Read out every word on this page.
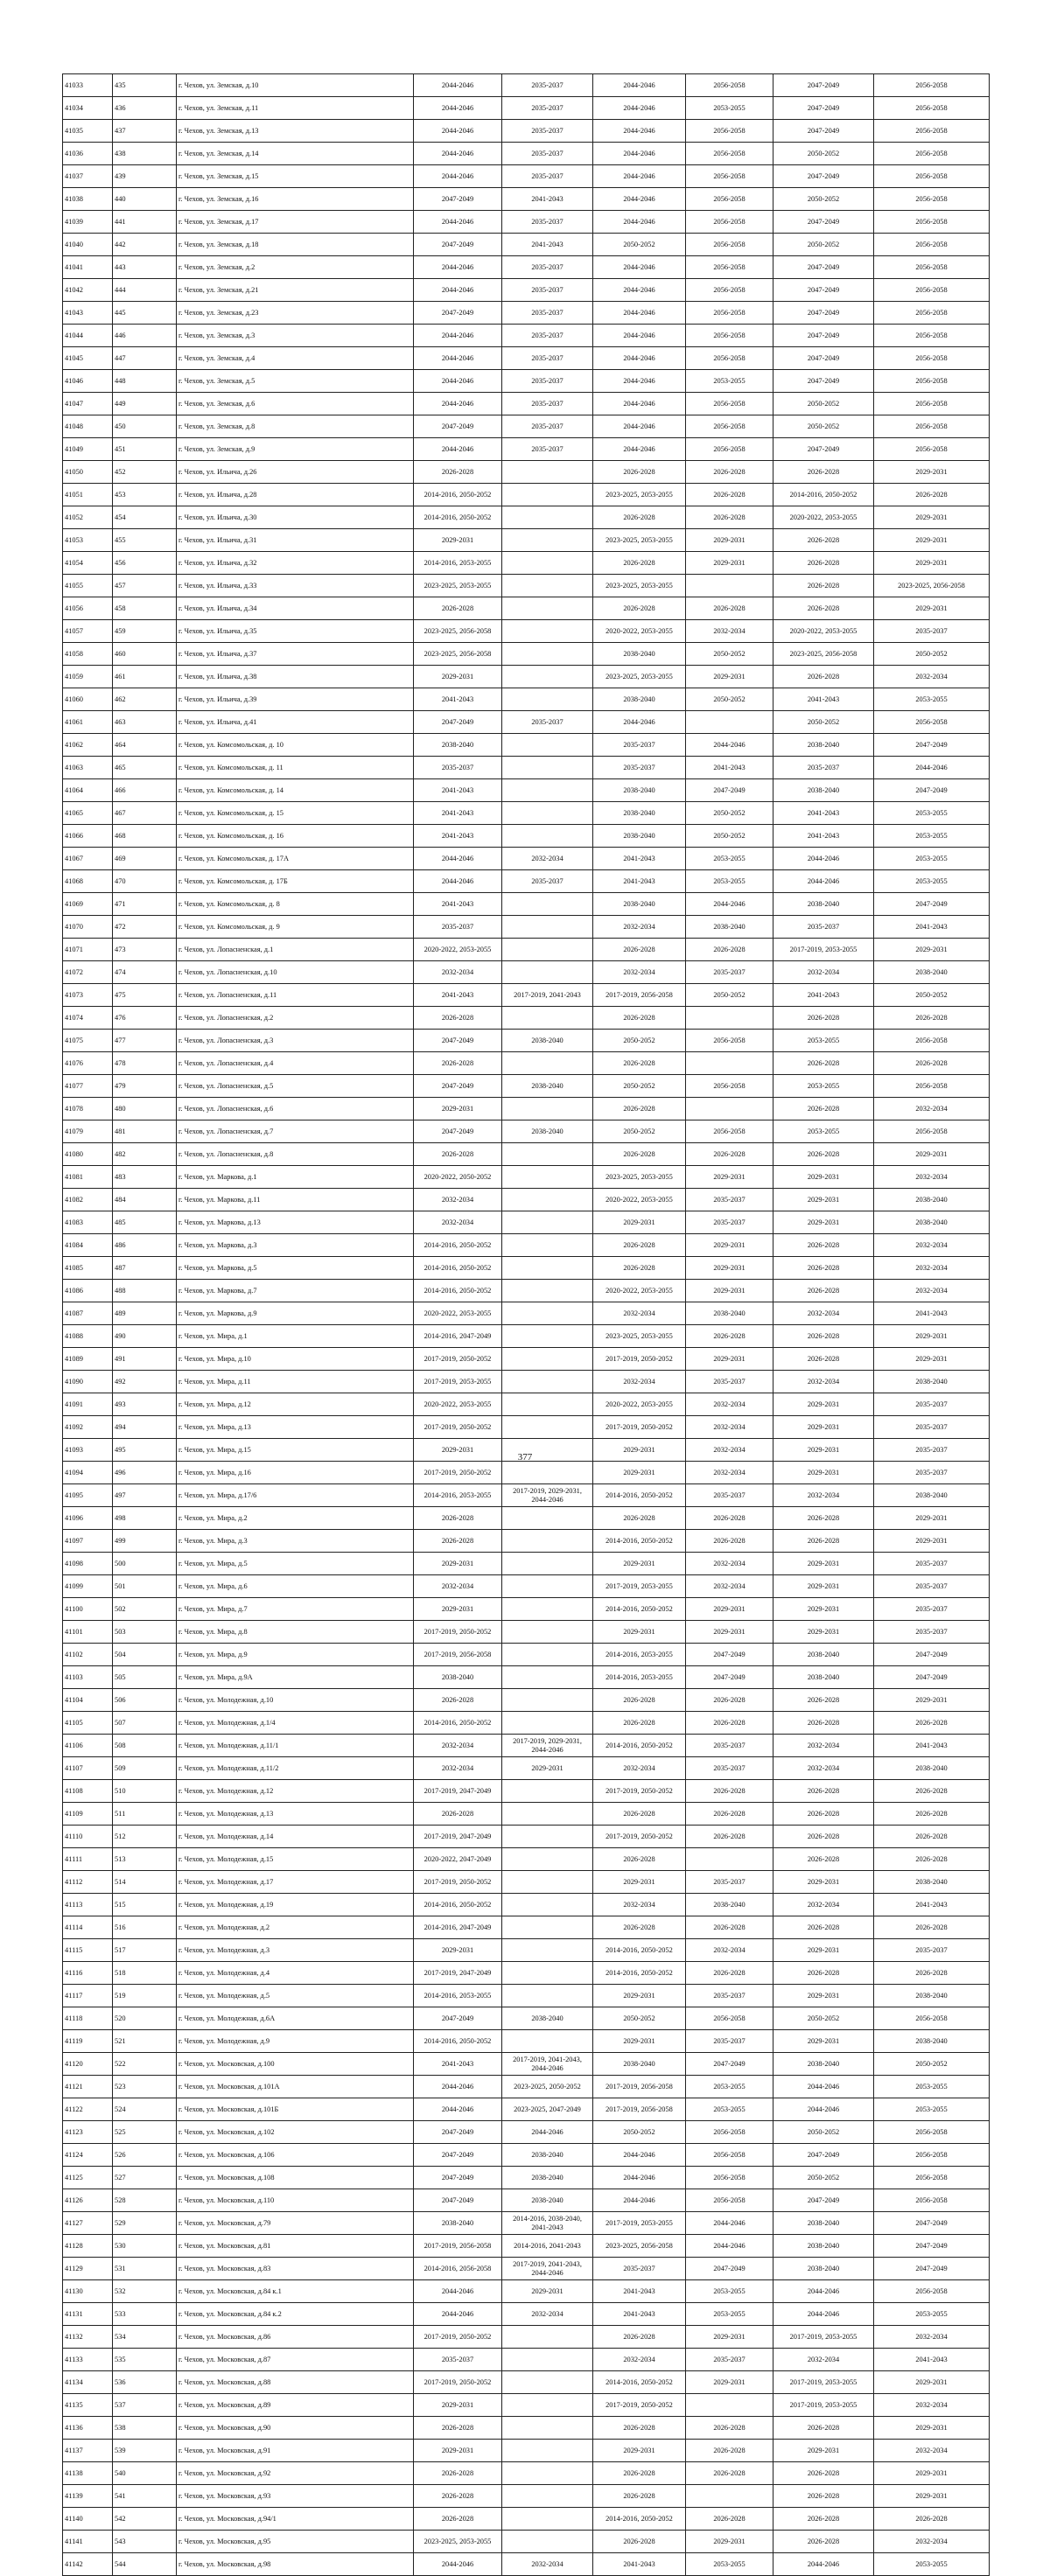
41033	435	г. Чехов, ул. Земская, д.10	2044-2046	2035-2037	2044-2046	2056-2058	2047-2049	2056-2058
41034	436	г. Чехов, ул. Земская, д.11	2044-2046	2035-2037	2044-2046	2053-2055	2047-2049	2056-2058
41035	437	г. Чехов, ул. Земская, д.13	2044-2046	2035-2037	2044-2046	2056-2058	2047-2049	2056-2058
41036	438	г. Чехов, ул. Земская, д.14	2044-2046	2035-2037	2044-2046	2056-2058	2050-2052	2056-2058
41037	439	г. Чехов, ул. Земская, д.15	2044-2046	2035-2037	2044-2046	2056-2058	2047-2049	2056-2058
41038	440	г. Чехов, ул. Земская, д.16	2047-2049	2041-2043	2044-2046	2056-2058	2050-2052	2056-2058
41039	441	г. Чехов, ул. Земская, д.17	2044-2046	2035-2037	2044-2046	2056-2058	2047-2049	2056-2058
41040	442	г. Чехов, ул. Земская, д.18	2047-2049	2041-2043	2050-2052	2056-2058	2050-2052	2056-2058
41041	443	г. Чехов, ул. Земская, д.2	2044-2046	2035-2037	2044-2046	2056-2058	2047-2049	2056-2058
41042	444	г. Чехов, ул. Земская, д.21	2044-2046	2035-2037	2044-2046	2056-2058	2047-2049	2056-2058
41043	445	г. Чехов, ул. Земская, д.23	2047-2049	2035-2037	2044-2046	2056-2058	2047-2049	2056-2058
41044	446	г. Чехов, ул. Земская, д.3	2044-2046	2035-2037	2044-2046	2056-2058	2047-2049	2056-2058
41045	447	г. Чехов, ул. Земская, д.4	2044-2046	2035-2037	2044-2046	2056-2058	2047-2049	2056-2058
41046	448	г. Чехов, ул. Земская, д.5	2044-2046	2035-2037	2044-2046	2053-2055	2047-2049	2056-2058
41047	449	г. Чехов, ул. Земская, д.6	2044-2046	2035-2037	2044-2046	2056-2058	2050-2052	2056-2058
41048	450	г. Чехов, ул. Земская, д.8	2047-2049	2035-2037	2044-2046	2056-2058	2050-2052	2056-2058
41049	451	г. Чехов, ул. Земская, д.9	2044-2046	2035-2037	2044-2046	2056-2058	2047-2049	2056-2058
41050	452	г. Чехов, ул. Ильича, д.26	2026-2028		2026-2028	2026-2028	2026-2028	2029-2031
41051	453	г. Чехов, ул. Ильича, д.28	2014-2016, 2050-2052		2023-2025, 2053-2055	2026-2028	2014-2016, 2050-2052	2026-2028
41052	454	г. Чехов, ул. Ильича, д.30	2014-2016, 2050-2052		2026-2028	2026-2028	2020-2022, 2053-2055	2029-2031
41053	455	г. Чехов, ул. Ильича, д.31	2029-2031		2023-2025, 2053-2055	2029-2031	2026-2028	2029-2031
41054	456	г. Чехов, ул. Ильича, д.32	2014-2016, 2053-2055		2026-2028	2029-2031	2026-2028	2029-2031
41055	457	г. Чехов, ул. Ильича, д.33	2023-2025, 2053-2055		2023-2025, 2053-2055		2026-2028	2023-2025, 2056-2058
41056	458	г. Чехов, ул. Ильича, д.34	2026-2028		2026-2028	2026-2028	2026-2028	2029-2031
41057	459	г. Чехов, ул. Ильича, д.35	2023-2025, 2056-2058		2020-2022, 2053-2055	2032-2034	2020-2022, 2053-2055	2035-2037
41058	460	г. Чехов, ул. Ильича, д.37	2023-2025, 2056-2058		2038-2040	2050-2052	2023-2025, 2056-2058	2050-2052
41059	461	г. Чехов, ул. Ильича, д.38	2029-2031		2023-2025, 2053-2055	2029-2031	2026-2028	2032-2034
41060	462	г. Чехов, ул. Ильича, д.39	2041-2043		2038-2040	2050-2052	2041-2043	2053-2055
41061	463	г. Чехов, ул. Ильича, д.41	2047-2049	2035-2037	2044-2046		2050-2052	2056-2058
41062	464	г. Чехов, ул. Комсомольская, д. 10	2038-2040		2035-2037	2044-2046	2038-2040	2047-2049
41063	465	г. Чехов, ул. Комсомольская, д. 11	2035-2037		2035-2037	2041-2043	2035-2037	2044-2046
41064	466	г. Чехов, ул. Комсомольская, д. 14	2041-2043		2038-2040	2047-2049	2038-2040	2047-2049
41065	467	г. Чехов, ул. Комсомольская, д. 15	2041-2043		2038-2040	2050-2052	2041-2043	2053-2055
41066	468	г. Чехов, ул. Комсомольская, д. 16	2041-2043		2038-2040	2050-2052	2041-2043	2053-2055
41067	469	г. Чехов, ул. Комсомольская, д. 17А	2044-2046	2032-2034	2041-2043	2053-2055	2044-2046	2053-2055
41068	470	г. Чехов, ул. Комсомольская, д. 17Б	2044-2046	2035-2037	2041-2043	2053-2055	2044-2046	2053-2055
41069	471	г. Чехов, ул. Комсомольская, д. 8	2041-2043		2038-2040	2044-2046	2038-2040	2047-2049
41070	472	г. Чехов, ул. Комсомольская, д. 9	2035-2037		2032-2034	2038-2040	2035-2037	2041-2043
41071	473	г. Чехов, ул. Лопасненская, д.1	2020-2022, 2053-2055		2026-2028	2026-2028	2017-2019, 2053-2055	2029-2031
41072	474	г. Чехов, ул. Лопасненская, д.10	2032-2034		2032-2034	2035-2037	2032-2034	2038-2040
41073	475	г. Чехов, ул. Лопасненская, д.11	2041-2043	2017-2019, 2041-2043	2017-2019, 2056-2058	2050-2052	2041-2043	2050-2052
41074	476	г. Чехов, ул. Лопасненская, д.2	2026-2028		2026-2028		2026-2028	2026-2028
41075	477	г. Чехов, ул. Лопасненская, д.3	2047-2049	2038-2040	2050-2052	2056-2058	2053-2055	2056-2058
41076	478	г. Чехов, ул. Лопасненская, д.4	2026-2028		2026-2028		2026-2028	2026-2028
41077	479	г. Чехов, ул. Лопасненская, д.5	2047-2049	2038-2040	2050-2052	2056-2058	2053-2055	2056-2058
41078	480	г. Чехов, ул. Лопасненская, д.6	2029-2031		2026-2028		2026-2028	2032-2034
41079	481	г. Чехов, ул. Лопасненская, д.7	2047-2049	2038-2040	2050-2052	2056-2058	2053-2055	2056-2058
41080	482	г. Чехов, ул. Лопасненская, д.8	2026-2028		2026-2028	2026-2028	2026-2028	2029-2031
41081	483	г. Чехов, ул. Маркова, д.1	2020-2022, 2050-2052		2023-2025, 2053-2055	2029-2031	2029-2031	2032-2034
41082	484	г. Чехов, ул. Маркова, д.11	2032-2034		2020-2022, 2053-2055	2035-2037	2029-2031	2038-2040
41083	485	г. Чехов, ул. Маркова, д.13	2032-2034		2029-2031	2035-2037	2029-2031	2038-2040
41084	486	г. Чехов, ул. Маркова, д.3	2014-2016, 2050-2052		2026-2028	2029-2031	2026-2028	2032-2034
41085	487	г. Чехов, ул. Маркова, д.5	2014-2016, 2050-2052		2026-2028	2029-2031	2026-2028	2032-2034
41086	488	г. Чехов, ул. Маркова, д.7	2014-2016, 2050-2052		2020-2022, 2053-2055	2029-2031	2026-2028	2032-2034
41087	489	г. Чехов, ул. Маркова, д.9	2020-2022, 2053-2055		2032-2034	2038-2040	2032-2034	2041-2043
41088	490	г. Чехов, ул. Мира, д.1	2014-2016, 2047-2049		2023-2025, 2053-2055	2026-2028	2026-2028	2029-2031
41089	491	г. Чехов, ул. Мира, д.10	2017-2019, 2050-2052		2017-2019, 2050-2052	2029-2031	2026-2028	2029-2031
41090	492	г. Чехов, ул. Мира, д.11	2017-2019, 2053-2055		2032-2034	2035-2037	2032-2034	2038-2040
41091	493	г. Чехов, ул. Мира, д.12	2020-2022, 2053-2055		2020-2022, 2053-2055	2032-2034	2029-2031	2035-2037
41092	494	г. Чехов, ул. Мира, д.13	2017-2019, 2050-2052		2017-2019, 2050-2052	2032-2034	2029-2031	2035-2037
41093	495	г. Чехов, ул. Мира, д.15	2029-2031		2029-2031	2032-2034	2029-2031	2035-2037
41094	496	г. Чехов, ул. Мира, д.16	2017-2019, 2050-2052		2029-2031	2032-2034	2029-2031	2035-2037
41095	497	г. Чехов, ул. Мира, д.17/6	2014-2016, 2053-2055	2017-2019, 2029-2031, 2044-2046	2014-2016, 2050-2052	2035-2037	2032-2034	2038-2040
41096	498	г. Чехов, ул. Мира, д.2	2026-2028		2026-2028	2026-2028	2026-2028	2029-2031
41097	499	г. Чехов, ул. Мира, д.3	2026-2028		2014-2016, 2050-2052	2026-2028	2026-2028	2029-2031
41098	500	г. Чехов, ул. Мира, д.5	2029-2031		2029-2031	2032-2034	2029-2031	2035-2037
41099	501	г. Чехов, ул. Мира, д.6	2032-2034		2017-2019, 2053-2055	2032-2034	2029-2031	2035-2037
41100	502	г. Чехов, ул. Мира, д.7	2029-2031		2014-2016, 2050-2052	2029-2031	2029-2031	2035-2037
41101	503	г. Чехов, ул. Мира, д.8	2017-2019, 2050-2052		2029-2031	2029-2031	2029-2031	2035-2037
41102	504	г. Чехов, ул. Мира, д.9	2017-2019, 2056-2058		2014-2016, 2053-2055	2047-2049	2038-2040	2047-2049
41103	505	г. Чехов, ул. Мира, д.9А	2038-2040		2014-2016, 2053-2055	2047-2049	2038-2040	2047-2049
41104	506	г. Чехов, ул. Молодежная, д.10	2026-2028		2026-2028	2026-2028	2026-2028	2029-2031
41105	507	г. Чехов, ул. Молодежная, д.1/4	2014-2016, 2050-2052		2026-2028	2026-2028	2026-2028	2026-2028
41106	508	г. Чехов, ул. Молодежная, д.11/1	2032-2034	2017-2019, 2029-2031, 2044-2046	2014-2016, 2050-2052	2035-2037	2032-2034	2041-2043
41107	509	г. Чехов, ул. Молодежная, д.11/2	2032-2034	2029-2031	2032-2034	2035-2037	2032-2034	2038-2040
41108	510	г. Чехов, ул. Молодежная, д.12	2017-2019, 2047-2049		2017-2019, 2050-2052	2026-2028	2026-2028	2026-2028
41109	511	г. Чехов, ул. Молодежная, д.13	2026-2028		2026-2028	2026-2028	2026-2028	2026-2028
41110	512	г. Чехов, ул. Молодежная, д.14	2017-2019, 2047-2049		2017-2019, 2050-2052	2026-2028	2026-2028	2026-2028
41111	513	г. Чехов, ул. Молодежная, д.15	2020-2022, 2047-2049		2026-2028		2026-2028	2026-2028
41112	514	г. Чехов, ул. Молодежная, д.17	2017-2019, 2050-2052		2029-2031	2035-2037	2029-2031	2038-2040
41113	515	г. Чехов, ул. Молодежная, д.19	2014-2016, 2050-2052		2032-2034	2038-2040	2032-2034	2041-2043
41114	516	г. Чехов, ул. Молодежная, д.2	2014-2016, 2047-2049		2026-2028	2026-2028	2026-2028	2026-2028
41115	517	г. Чехов, ул. Молодежная, д.3	2029-2031		2014-2016, 2050-2052	2032-2034	2029-2031	2035-2037
41116	518	г. Чехов, ул. Молодежная, д.4	2017-2019, 2047-2049		2014-2016, 2050-2052	2026-2028	2026-2028	2026-2028
41117	519	г. Чехов, ул. Молодежная, д.5	2014-2016, 2053-2055		2029-2031	2035-2037	2029-2031	2038-2040
41118	520	г. Чехов, ул. Молодежная, д.6А	2047-2049	2038-2040	2050-2052	2056-2058	2050-2052	2056-2058
41119	521	г. Чехов, ул. Молодежная, д.9	2014-2016, 2050-2052		2029-2031	2035-2037	2029-2031	2038-2040
41120	522	г. Чехов, ул. Московская, д.100	2041-2043	2017-2019, 2041-2043, 2044-2046	2038-2040	2047-2049	2038-2040	2050-2052
41121	523	г. Чехов, ул. Московская, д.101А	2044-2046	2023-2025, 2050-2052	2017-2019, 2056-2058	2053-2055	2044-2046	2053-2055
41122	524	г. Чехов, ул. Московская, д.101Б	2044-2046	2023-2025, 2047-2049	2017-2019, 2056-2058	2053-2055	2044-2046	2053-2055
41123	525	г. Чехов, ул. Московская, д.102	2047-2049	2044-2046	2050-2052	2056-2058	2050-2052	2056-2058
41124	526	г. Чехов, ул. Московская, д.106	2047-2049	2038-2040	2044-2046	2056-2058	2047-2049	2056-2058
41125	527	г. Чехов, ул. Московская, д.108	2047-2049	2038-2040	2044-2046	2056-2058	2050-2052	2056-2058
41126	528	г. Чехов, ул. Московская, д.110	2047-2049	2038-2040	2044-2046	2056-2058	2047-2049	2056-2058
41127	529	г. Чехов, ул. Московская, д.79	2038-2040	2014-2016, 2038-2040, 2041-2043	2017-2019, 2053-2055	2044-2046	2038-2040	2047-2049
41128	530	г. Чехов, ул. Московская, д.81	2017-2019, 2056-2058	2014-2016, 2041-2043	2023-2025, 2056-2058	2044-2046	2038-2040	2047-2049
41129	531	г. Чехов, ул. Московская, д.83	2014-2016, 2056-2058	2017-2019, 2041-2043, 2044-2046	2035-2037	2047-2049	2038-2040	2047-2049
41130	532	г. Чехов, ул. Московская, д.84 к.1	2044-2046	2029-2031	2041-2043	2053-2055	2044-2046	2056-2058
41131	533	г. Чехов, ул. Московская, д.84 к.2	2044-2046	2032-2034	2041-2043	2053-2055	2044-2046	2053-2055
41132	534	г. Чехов, ул. Московская, д.86	2017-2019, 2050-2052		2026-2028	2029-2031	2017-2019, 2053-2055	2032-2034
41133	535	г. Чехов, ул. Московская, д.87	2035-2037		2032-2034	2035-2037	2032-2034	2041-2043
41134	536	г. Чехов, ул. Московская, д.88	2017-2019, 2050-2052		2014-2016, 2050-2052	2029-2031	2017-2019, 2053-2055	2029-2031
41135	537	г. Чехов, ул. Московская, д.89	2029-2031		2017-2019, 2050-2052		2017-2019, 2053-2055	2032-2034
41136	538	г. Чехов, ул. Московская, д.90	2026-2028		2026-2028	2026-2028	2026-2028	2029-2031
41137	539	г. Чехов, ул. Московская, д.91	2029-2031		2029-2031	2026-2028	2029-2031	2032-2034
41138	540	г. Чехов, ул. Московская, д.92	2026-2028		2026-2028	2026-2028	2026-2028	2029-2031
41139	541	г. Чехов, ул. Московская, д.93	2026-2028		2026-2028		2026-2028	2029-2031
41140	542	г. Чехов, ул. Московская, д.94/1	2026-2028		2014-2016, 2050-2052	2026-2028	2026-2028	2026-2028
41141	543	г. Чехов, ул. Московская, д.95	2023-2025, 2053-2055		2026-2028	2029-2031	2026-2028	2032-2034
41142	544	г. Чехов, ул. Московская, д.98	2044-2046	2032-2034	2041-2043	2053-2055	2044-2046	2053-2055
377
